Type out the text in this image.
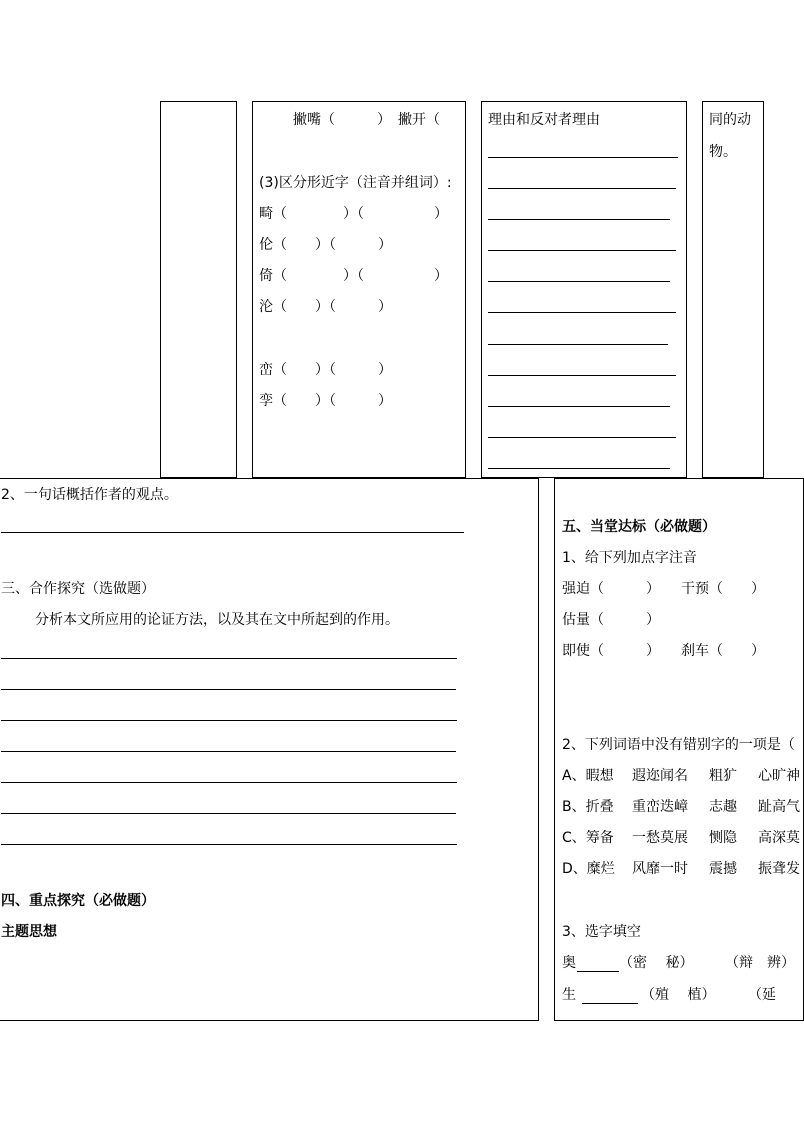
撇嘴（　　　）　撇开（
(3)区分形近字（注音并组词）:
畸（　　　　）（　　　　　）
伦（　　）（　　　）
倚（　　　　）（　　　　　）
沦（　　）（　　　）
峦（　　）（　　　）
孪（　　）（　　　）
理由和反对者理由	同的动
物。
2、一句话概括作者的观点。
三、合作探究（选做题）
分析本文所应用的论证方法，以及其在文中所起到的作用。
四、重点探究（必做题）
主题思想
五、当堂达标（必做题）
1、给下列加点字注音
强迫（　　　） 干预（　　）
估量（　　　）
即使（　　　） 刹车（　　）
2、下列词语中没有错别字的一项是（
A、暇想 遐迩闻名 粗犷 心旷神
B、折叠 重峦迭嶂 志趣 趾高气
C、筹备 一愁莫展 恻隐 高深莫
D、糜烂 风靡一时 震撼 振聋发
3、选字填空
奥	（密　 秘） （辩　辨）
生	（殖　 植） （延　
